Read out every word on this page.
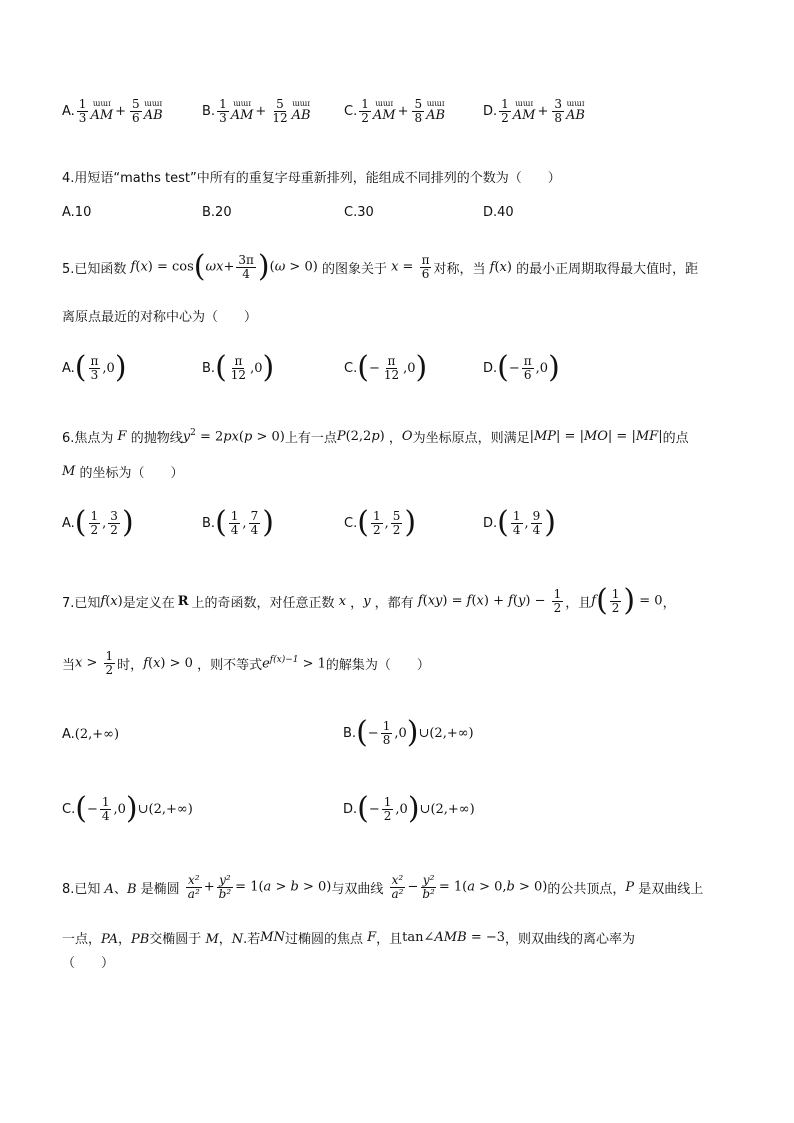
A. $\frac{1}{3}$ ɯɯɪ
AM + $\frac{5}{6}$ ɯɯɪ
AB	B. $\frac{1}{3}$ ɯɯɪ
AM + $\frac{5}{12}$ ɯɯɪ
AB	C. $\frac{1}{2}$ ɯɯɪ
AM + $\frac{5}{8}$ ɯɯɪ
AB	D. $\frac{1}{2}$ ɯɯɪ
AM + $\frac{3}{8}$ ɯɯɪ
AB
4.用短语“maths test”中所有的重复字母重新排列，能组成不同排列的个数为（　　）
A.10	B.20	C.30	D.40
5.已知函数 $f(x) = \cos(\omega x+ \frac{3\pi}{4} )(\omega > 0)$ 的图象关于 $x = \frac{\pi}{6}$ 对称，当 f(x) 的最小正周期取得最大值时，距
离原点最近的对称中心为（　　）
A. ( $\frac{\pi}{3} ,0$ )	B. ( $\frac{\pi}{12} ,0$ )	C. ( − $\frac{\pi}{12} ,0$ )	D. ( − $\frac{\pi}{6} ,0$ )
6.焦点为 F 的抛物线 $y^2 = 2px(p > 0)$ 上有一点 P(2,2p) ， O 为坐标原点，则满足 |MP| = |MO| = |MF| 的点
M 的坐标为（　　）
A. ( $\frac{1}{2}$ , $\frac{3}{2}$ )	B. ( $\frac{1}{4}$ , $\frac{7}{4}$ )	C. ( $\frac{1}{2}$ , $\frac{5}{2}$ )	D. ( $\frac{1}{4}$ , $\frac{9}{4}$ )
7.已知 f(x) 是定义在 R 上的奇函数，对任意正数 x ， y ，都有 $f(xy) = f(x) + f(y) - \frac{1}{2}$ ，且 $f( \frac{1}{2}$ ) = 0 ，
当 $x > \frac{1}{2}$ 时， f(x) > 0 ，则不等式 $e^{f(x)-1} > 1$ 的解集为（　　）
A. (2,+∞)	B. ( − $\frac{1}{8} ,0$ ) ∪(2,+∞)
C. ( − $\frac{1}{4} ,0$ ) ∪(2,+∞)	D. ( − $\frac{1}{2} ,0$ ) ∪(2,+∞)
8.已知 A、B 是椭圆
$\frac{\text{x²}}{\text{a²}} + \frac{\text{y²}}{\text{b²}} = 1(a > b > 0)$ 与双曲线
$\frac{\text{x²}}{\text{a²}} - \frac{\text{y²}}{\text{b²}} = 1(a > 0,b > 0)$ 的公共顶点， P 是双曲线上
一点， PA，PB 交椭圆于 M，N .若 MN 过椭圆的焦点 F ，且 tan∠AMB = −3 ，则双曲线的离心率为
（　　）
